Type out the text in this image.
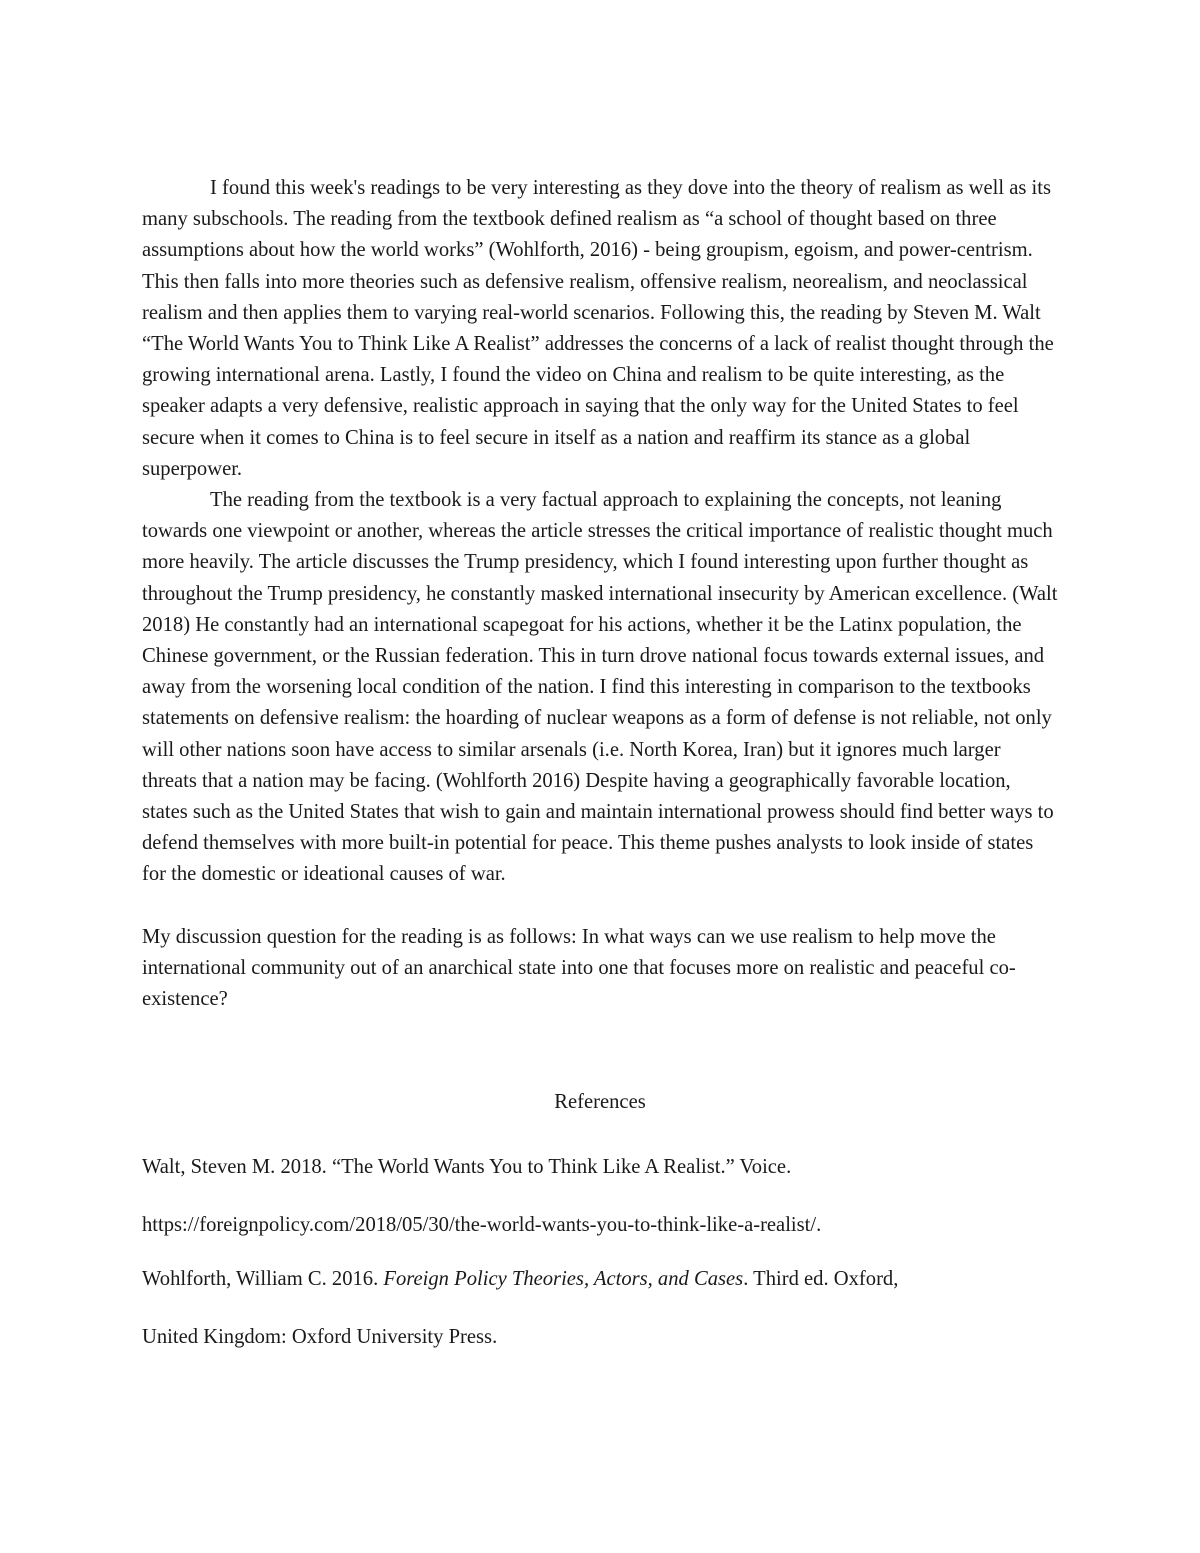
I found this week's readings to be very interesting as they dove into the theory of realism as well as its many subschools. The reading from the textbook defined realism as “a school of thought based on three assumptions about how the world works” (Wohlforth, 2016) - being groupism, egoism, and power-centrism. This then falls into more theories such as defensive realism, offensive realism, neorealism, and neoclassical realism and then applies them to varying real-world scenarios. Following this, the reading by Steven M. Walt “The World Wants You to Think Like A Realist” addresses the concerns of a lack of realist thought through the growing international arena. Lastly, I found the video on China and realism to be quite interesting, as the speaker adapts a very defensive, realistic approach in saying that the only way for the United States to feel secure when it comes to China is to feel secure in itself as a nation and reaffirm its stance as a global superpower.

The reading from the textbook is a very factual approach to explaining the concepts, not leaning towards one viewpoint or another, whereas the article stresses the critical importance of realistic thought much more heavily. The article discusses the Trump presidency, which I found interesting upon further thought as throughout the Trump presidency, he constantly masked international insecurity by American excellence. (Walt 2018) He constantly had an international scapegoat for his actions, whether it be the Latinx population, the Chinese government, or the Russian federation. This in turn drove national focus towards external issues, and away from the worsening local condition of the nation. I find this interesting in comparison to the textbooks statements on defensive realism: the hoarding of nuclear weapons as a form of defense is not reliable, not only will other nations soon have access to similar arsenals (i.e. North Korea, Iran) but it ignores much larger threats that a nation may be facing. (Wohlforth 2016) Despite having a geographically favorable location, states such as the United States that wish to gain and maintain international prowess should find better ways to defend themselves with more built-in potential for peace. This theme pushes analysts to look inside of states for the domestic or ideational causes of war.

My discussion question for the reading is as follows: In what ways can we use realism to help move the international community out of an anarchical state into one that focuses more on realistic and peaceful co-existence?

References

Walt, Steven M. 2018. “The World Wants You to Think Like A Realist.” Voice.
https://foreignpolicy.com/2018/05/30/the-world-wants-you-to-think-like-a-realist/.
Wohlforth, William C. 2016. Foreign Policy Theories, Actors, and Cases. Third ed. Oxford,
United Kingdom: Oxford University Press.
